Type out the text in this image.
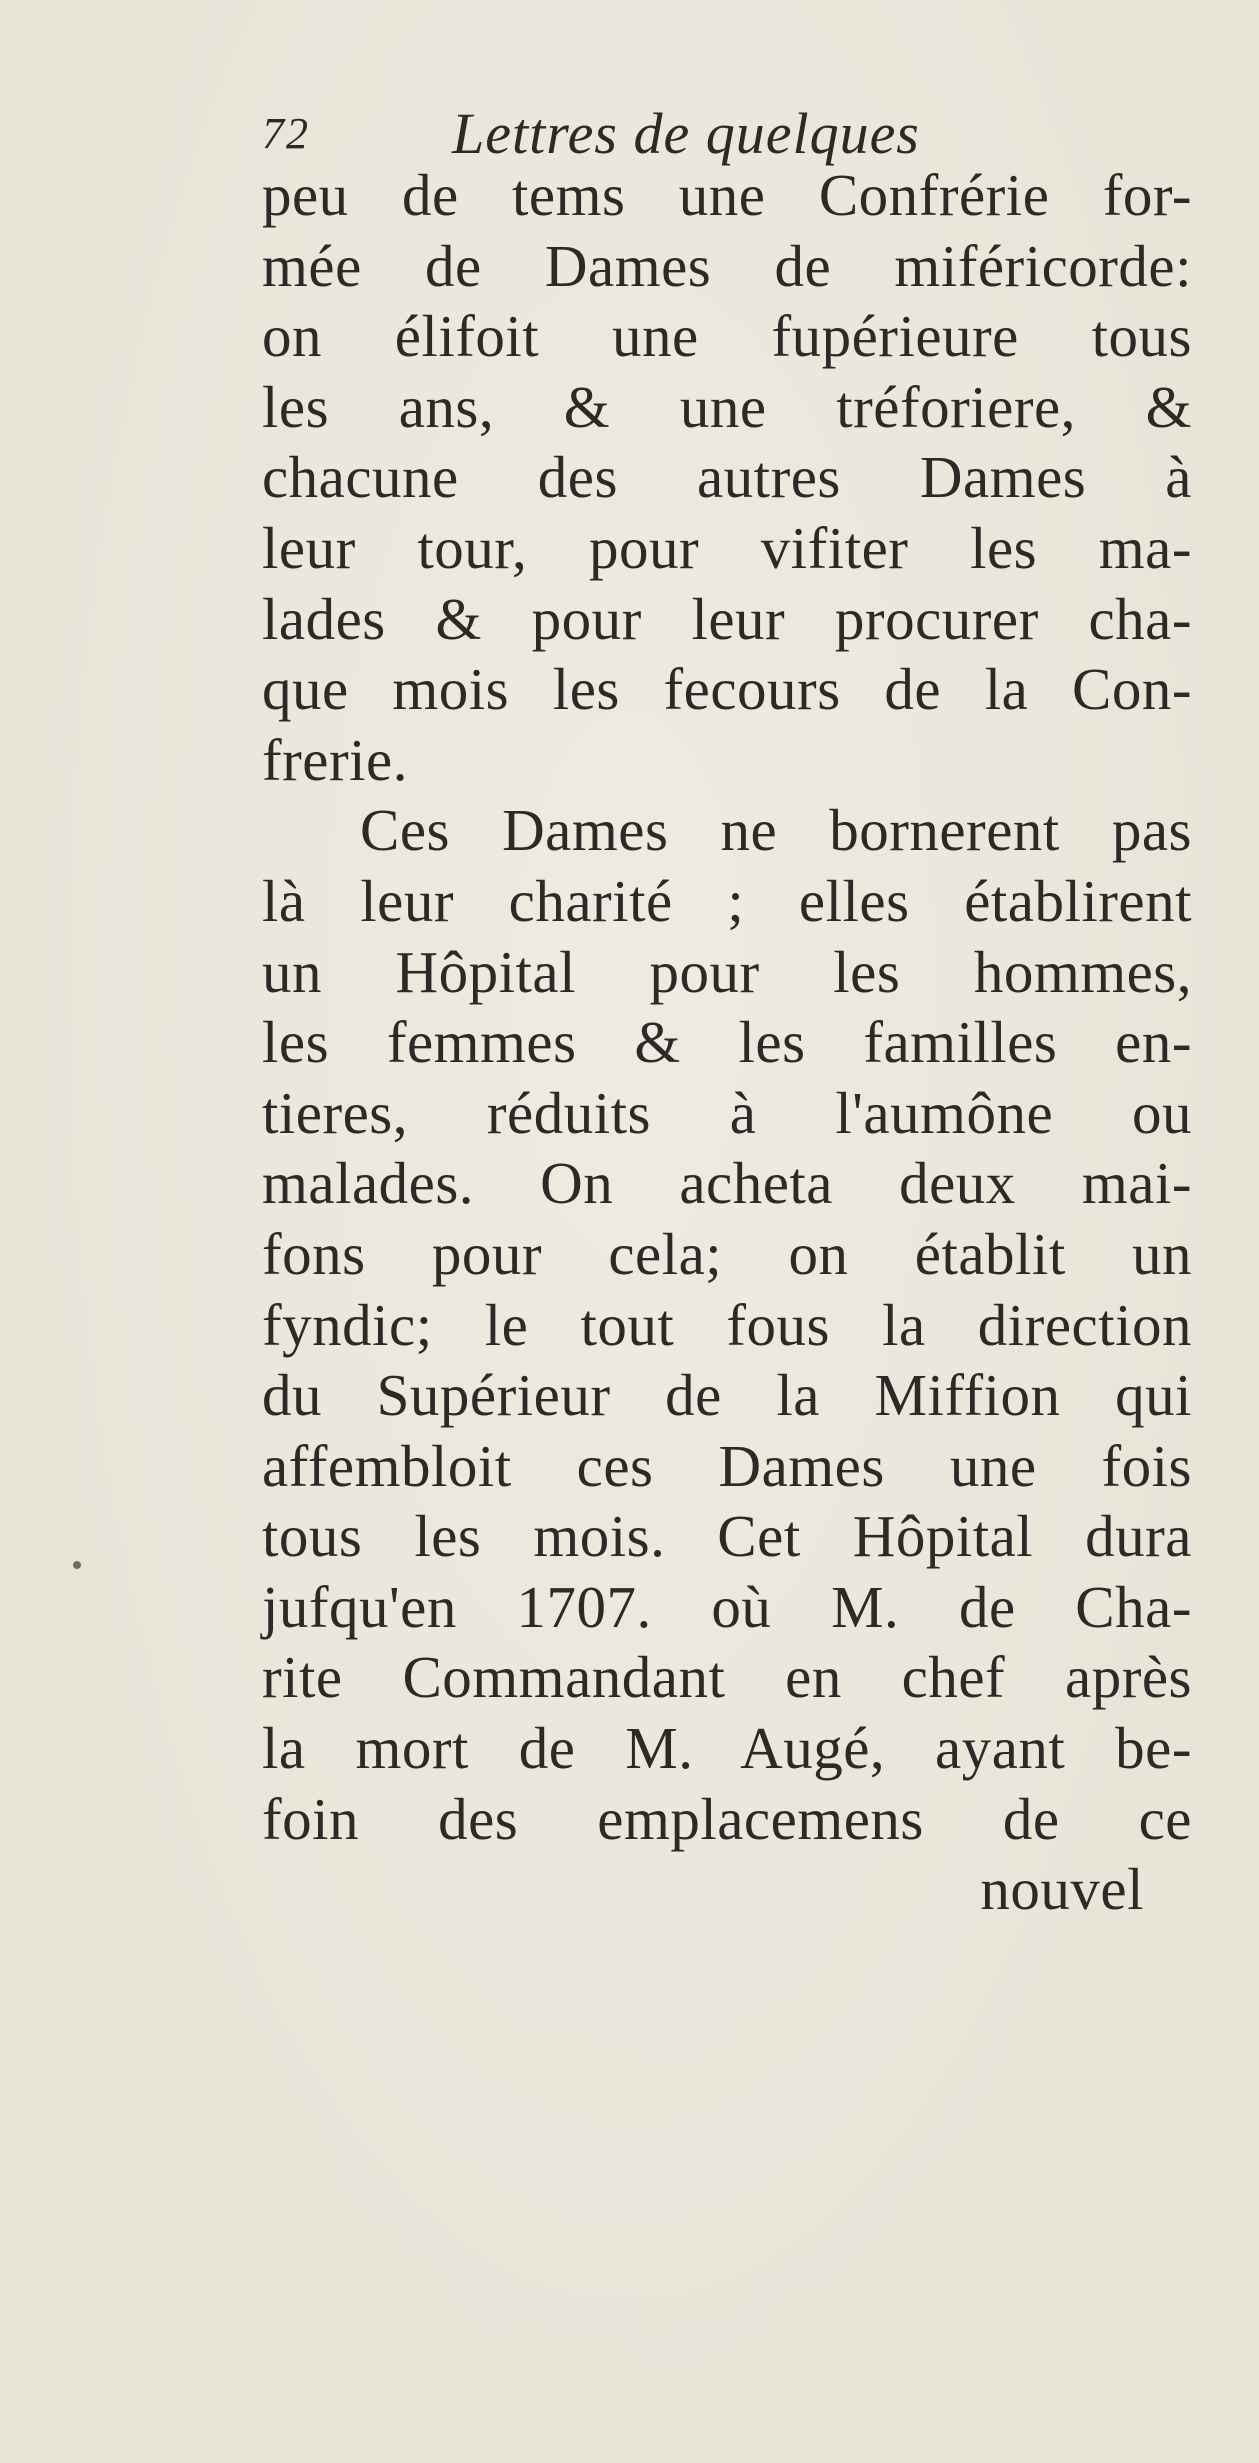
72 Lettres de quelques
peu de tems une Confrérie for-
mée de Dames de miféricorde:
on élifoit une fupérieure tous
les ans, & une tréforiere, &
chacune des autres Dames à
leur tour, pour vifiter les ma-
lades & pour leur procurer cha-
que mois les fecours de la Con-
frerie.
Ces Dames ne bornerent pas
là leur charité ; elles établirent
un Hôpital pour les hommes,
les femmes & les familles en-
tieres, réduits à l'aumône ou
malades. On acheta deux mai-
fons pour cela; on établit un
fyndic; le tout fous la direction
du Supérieur de la Miffion qui
affembloit ces Dames une fois
tous les mois. Cet Hôpital dura
jufqu'en 1707. où M. de Cha-
rite Commandant en chef après
la mort de M. Augé, ayant be-
foin des emplacemens de ce
nouvel
